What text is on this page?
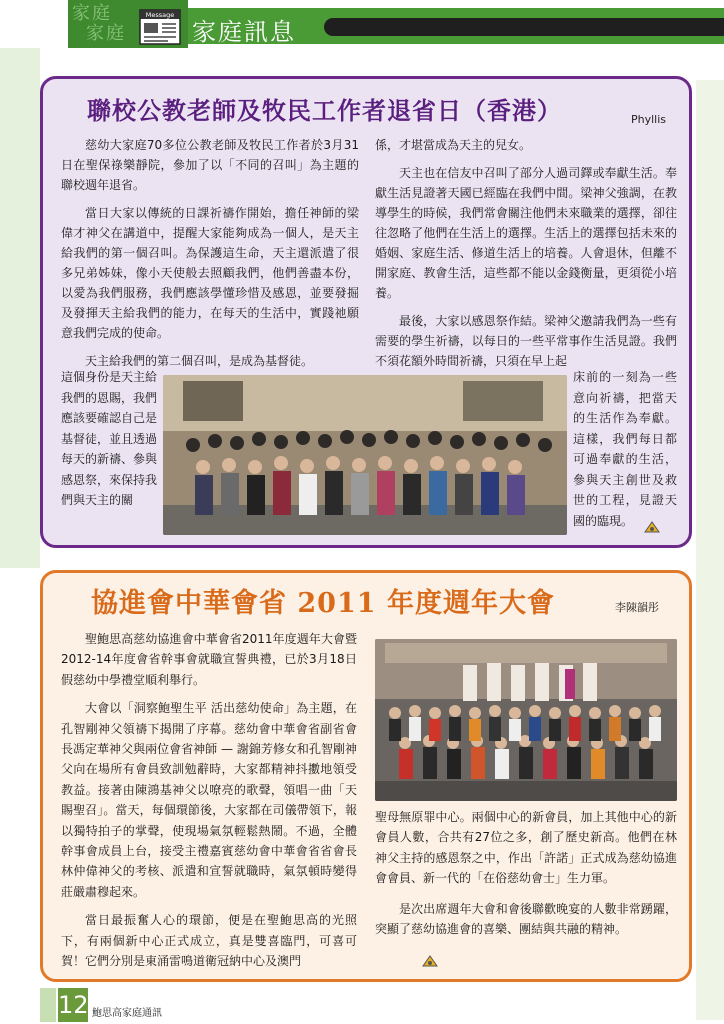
家庭
家庭
Message
家庭訊息
聯校公教老師及牧民工作者退省日（香港）	Phyllis

慈幼大家庭70多位公教老師及牧民工作者於3月31日在聖保祿樂靜院，參加了以「不同的召叫」為主題的聯校週年退省。

當日大家以傳統的日課祈禱作開始，擔任神師的梁偉才神父在講道中，提醒大家能夠成為一個人，是天主給我們的第一個召叫。為保護這生命，天主還派遣了很多兄弟姊妹，像小天使般去照顧我們，他們善盡本份，以愛為我們服務，我們應該學懂珍惜及感恩，並要發掘及發揮天主給我們的能力，在每天的生活中，實踐祂願意我們完成的使命。

天主給我們的第二個召叫，是成為基督徒。

係，才堪當成為天主的兒女。

天主也在信友中召叫了部分人過司鐸或奉獻生活。奉獻生活見證著天國已經臨在我們中間。梁神父強調，在教導學生的時候，我們常會關注他們未來職業的選擇，卻往往忽略了他們在生活上的選擇。生活上的選擇包括未來的婚姻、家庭生活、修道生活上的培養。人會退休，但離不開家庭、教會生活，這些都不能以金錢衡量，更須從小培養。

最後，大家以感恩祭作結。梁神父邀請我們為一些有需要的學生祈禱，以每日的一些平常事作生活見證。我們不須花額外時間祈禱，只須在早上起

這個身份是天主給我們的恩賜，我們應該要確認自己是基督徒，並且透過每天的新禱、參與感恩祭，來保持我們與天主的關
床前的一刻為一些意向祈禱，把當天的生活作為奉獻。這樣，我們每日都可過奉獻的生活，參與天主創世及救世的工程，見證天國的臨現。
協進會中華會省 2011 年度週年大會	李陳韻彤

聖鮑思高慈幼協進會中華會省2011年度週年大會暨2012-14年度會省幹事會就職宣誓典禮，已於3月18日假慈幼中學禮堂順利舉行。

大會以「洞察鮑聖生平 活出慈幼使命」為主題，在孔智剛神父領禱下揭開了序幕。慈幼會中華會省副省會長馮定華神父與兩位會省神師 — 謝錦芳修女和孔智剛神父向在場所有會員致訓勉辭時，大家都精神抖擻地領受教益。接著由陳鴻基神父以嘹亮的歌聲，領唱一曲「天賜聖召」。當天，每個環節後，大家都在司儀帶領下，報以獨特拍子的掌聲，使現場氣氛輕鬆熱鬧。不過，全體幹事會成員上台，接受主禮嘉賓慈幼會中華會省省會長林仲偉神父的考核、派遣和宣誓就職時，氣氛頓時變得莊嚴肅穆起來。

當日最振奮人心的環節，便是在聖鮑思高的光照下，有兩個新中心正式成立，真是雙喜臨門，可喜可賀！它們分別是東涌雷鳴道衛冠納中心及澳門

聖母無原罪中心。兩個中心的新會員，加上其他中心的新會員人數，合共有27位之多，創了歷史新高。他們在林神父主持的感恩祭之中，作出「許諾」正式成為慈幼協進會會員、新一代的「在俗慈幼會士」生力軍。

是次出席週年大會和會後聯歡晚宴的人數非常踴躍，突顯了慈幼協進會的喜樂、團結與共融的精神。

12 鮑思高家庭通訊
